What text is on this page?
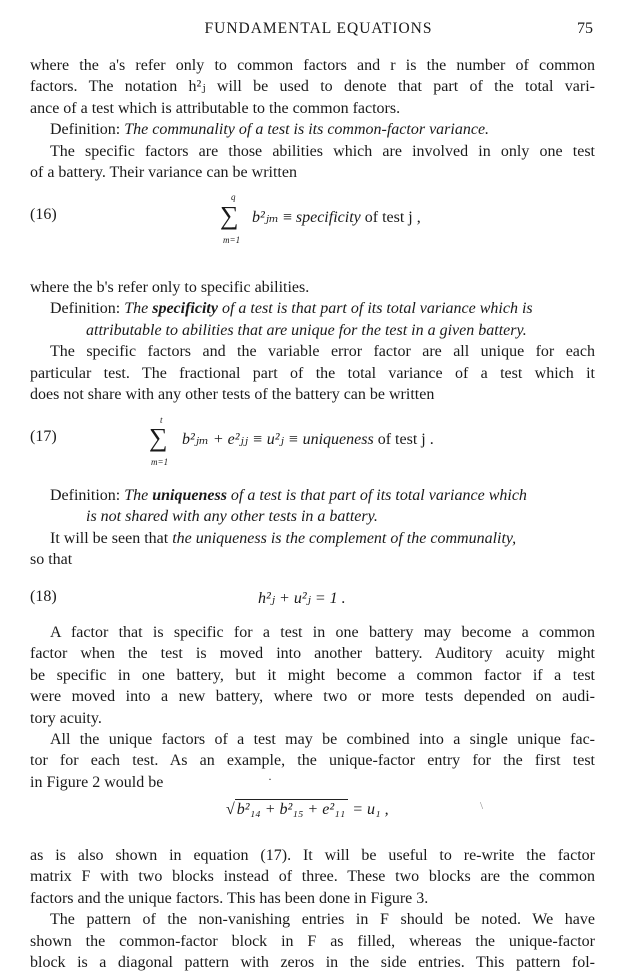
FUNDAMENTAL EQUATIONS	75
where the a's refer only to common factors and r is the number of common
factors. The notation h²ⱼ will be used to denote that part of the total vari-
ance of a test which is attributable to the common factors.
Definition: The communality of a test is its common-factor variance.
The specific factors are those abilities which are involved in only one test
of a battery. Their variance can be written
(16)
q
∑
m=1
b²ⱼₘ ≡ specificity of test j ,
where the b's refer only to specific abilities.
Definition: The specificity of a test is that part of its total variance which is
attributable to abilities that are unique for the test in a given battery.
The specific factors and the variable error factor are all unique for each
particular test. The fractional part of the total variance of a test which it
does not share with any other tests of the battery can be written
(17)
t
∑
m=1
b²ⱼₘ + e²ⱼⱼ ≡ u²ⱼ ≡ uniqueness of test j .
Definition: The uniqueness of a test is that part of its total variance which
is not shared with any other tests in a battery.
It will be seen that the uniqueness is the complement of the communality,
so that
(18)	h²ⱼ + u²ⱼ = 1 .
A factor that is specific for a test in one battery may become a common
factor when the test is moved into another battery. Auditory acuity might
be specific in one battery, but it might become a common factor if a test
were moved into a new battery, where two or more tests depended on audi-
tory acuity.
All the unique factors of a test may be combined into a single unique fac-
tor for each test. As an example, the unique-factor entry for the first test
in Figure 2 would be	·
√ b²₁₄ + b²₁₅ + e²₁₁ = u₁ ,	\
as is also shown in equation (17). It will be useful to re-write the factor
matrix F with two blocks instead of three. These two blocks are the common
factors and the unique factors. This has been done in Figure 3.
The pattern of the non-vanishing entries in F should be noted. We have
shown the common-factor block in F as filled, whereas the unique-factor
block is a diagonal pattern with zeros in the side entries. This pattern fol-
